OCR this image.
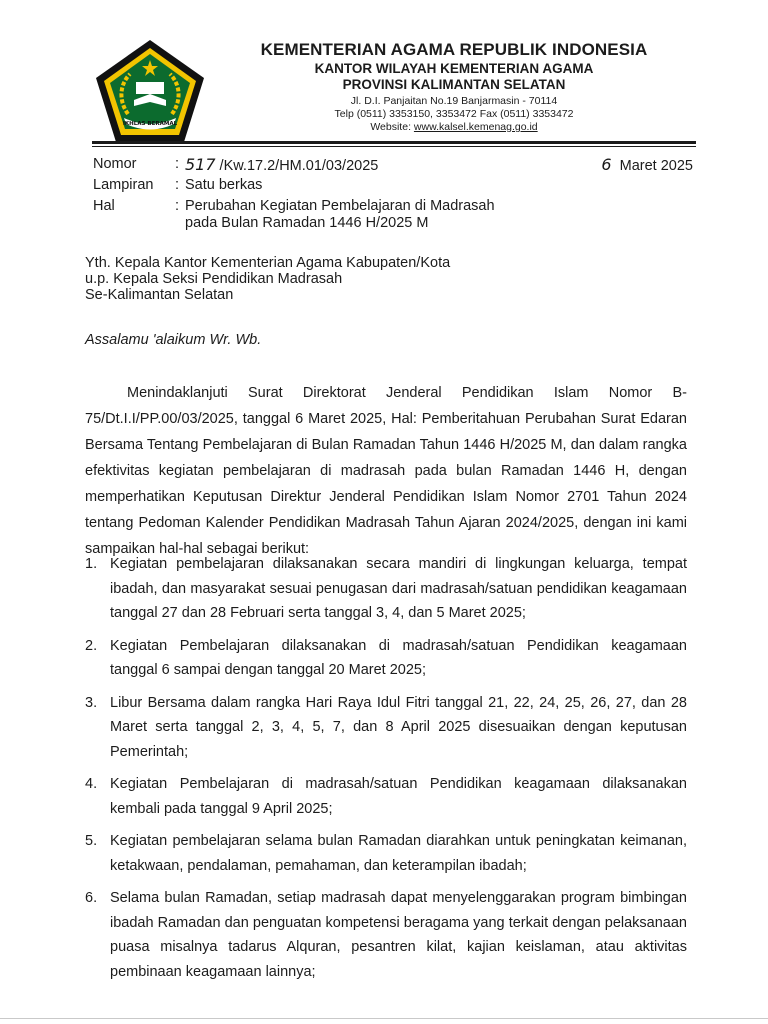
IKHLAS BERAMAL
KEMENTERIAN AGAMA REPUBLIK INDONESIA
KANTOR WILAYAH KEMENTERIAN AGAMA
PROVINSI KALIMANTAN SELATAN
Jl. D.I. Panjaitan No.19 Banjarmasin - 70114
Telp (0511) 3353150, 3353472 Fax (0511) 3353472
Website: www.kalsel.kemenag.go.id
Nomor	: 517 /Kw.17.2/HM.01/03/2025	6 Maret 2025
Lampiran : Satu berkas
Hal	: Perubahan Kegiatan Pembelajaran di Madrasah
pada Bulan Ramadan 1446 H/2025 M
Yth. Kepala Kantor Kementerian Agama Kabupaten/Kota
u.p. Kepala Seksi Pendidikan Madrasah
Se-Kalimantan Selatan
Assalamu 'alaikum Wr. Wb.
Menindaklanjuti Surat Direktorat Jenderal Pendidikan Islam Nomor B-75/Dt.I.I/PP.00/03/2025, tanggal 6 Maret 2025, Hal: Pemberitahuan Perubahan Surat Edaran Bersama Tentang Pembelajaran di Bulan Ramadan Tahun 1446 H/2025 M, dan dalam rangka efektivitas kegiatan pembelajaran di madrasah pada bulan Ramadan 1446 H, dengan memperhatikan Keputusan Direktur Jenderal Pendidikan Islam Nomor 2701 Tahun 2024 tentang Pedoman Kalender Pendidikan Madrasah Tahun Ajaran 2024/2025, dengan ini kami sampaikan hal-hal sebagai berikut:
1. Kegiatan pembelajaran dilaksanakan secara mandiri di lingkungan keluarga, tempat ibadah, dan masyarakat sesuai penugasan dari madrasah/satuan pendidikan keagamaan tanggal 27 dan 28 Februari serta tanggal 3, 4, dan 5 Maret 2025;
2. Kegiatan Pembelajaran dilaksanakan di madrasah/satuan Pendidikan keagamaan tanggal 6 sampai dengan tanggal 20 Maret 2025;
3. Libur Bersama dalam rangka Hari Raya Idul Fitri tanggal 21, 22, 24, 25, 26, 27, dan 28 Maret serta tanggal 2, 3, 4, 5, 7, dan 8 April 2025 disesuaikan dengan keputusan Pemerintah;
4. Kegiatan Pembelajaran di madrasah/satuan Pendidikan keagamaan dilaksanakan kembali pada tanggal 9 April 2025;
5. Kegiatan pembelajaran selama bulan Ramadan diarahkan untuk peningkatan keimanan, ketakwaan, pendalaman, pemahaman, dan keterampilan ibadah;
6. Selama bulan Ramadan, setiap madrasah dapat menyelenggarakan program bimbingan ibadah Ramadan dan penguatan kompetensi beragama yang terkait dengan pelaksanaan puasa misalnya tadarus Alquran, pesantren kilat, kajian keislaman, atau aktivitas pembinaan keagamaan lainnya;
